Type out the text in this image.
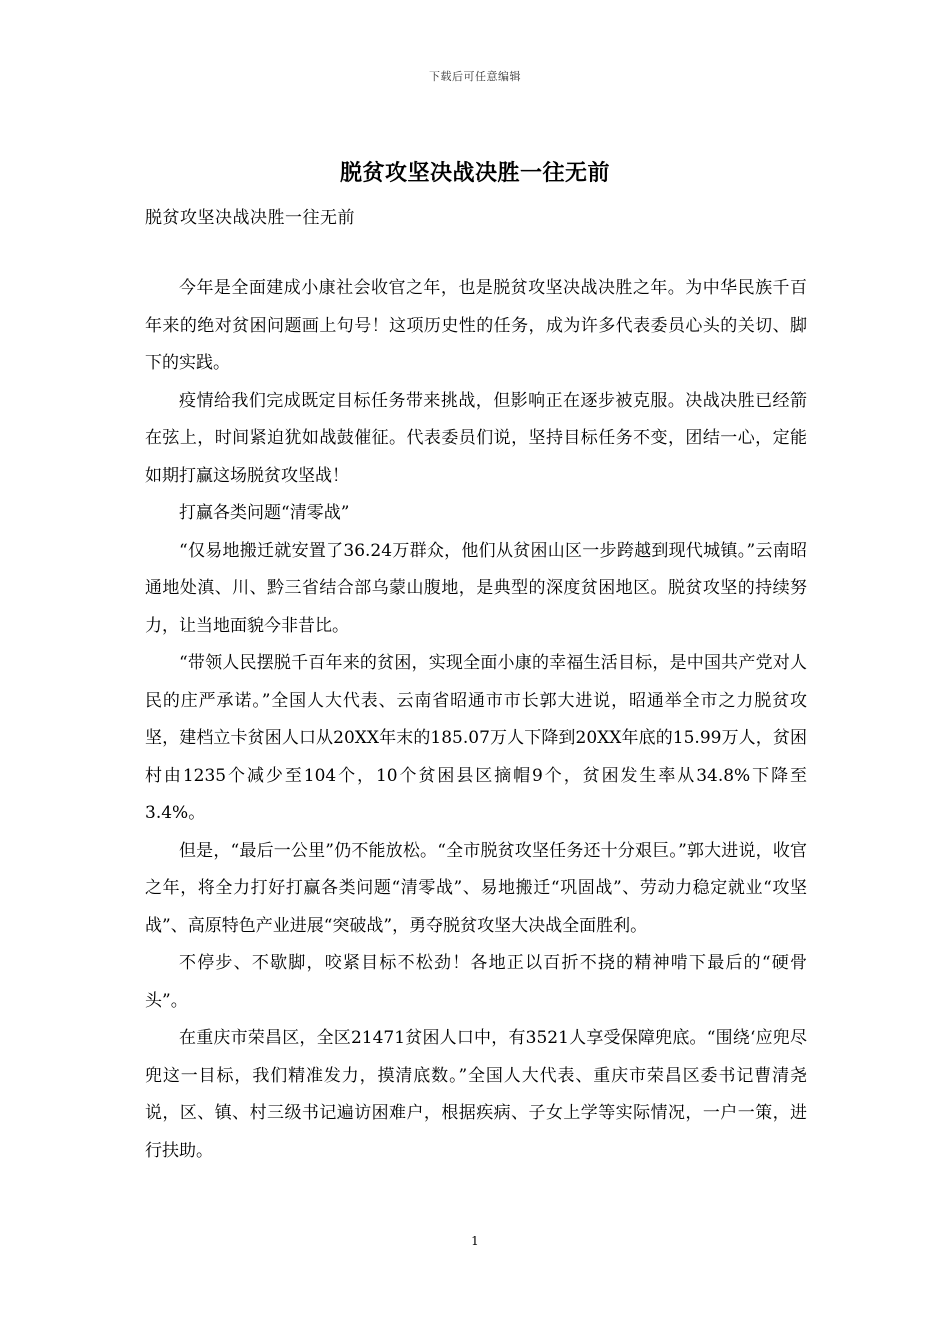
下载后可任意编辑
脱贫攻坚决战决胜一往无前
脱贫攻坚决战决胜一往无前

今年是全面建成小康社会收官之年，也是脱贫攻坚决战决胜之年。为中华民族千百年来的绝对贫困问题画上句号！这项历史性的任务，成为许多代表委员心头的关切、脚下的实践。

疫情给我们完成既定目标任务带来挑战，但影响正在逐步被克服。决战决胜已经箭在弦上，时间紧迫犹如战鼓催征。代表委员们说，坚持目标任务不变，团结一心，定能如期打赢这场脱贫攻坚战！

打赢各类问题“清零战”

“仅易地搬迁就安置了36.24万群众，他们从贫困山区一步跨越到现代城镇。”云南昭通地处滇、川、黔三省结合部乌蒙山腹地，是典型的深度贫困地区。脱贫攻坚的持续努力，让当地面貌今非昔比。

“带领人民摆脱千百年来的贫困，实现全面小康的幸福生活目标，是中国共产党对人民的庄严承诺。”全国人大代表、云南省昭通市市长郭大进说，昭通举全市之力脱贫攻坚，建档立卡贫困人口从20XX年末的185.07万人下降到20XX年底的15.99万人，贫困村由1235个减少至104个，10个贫困县区摘帽9个，贫困发生率从34.8%下降至3.4%。

但是，“最后一公里”仍不能放松。“全市脱贫攻坚任务还十分艰巨。”郭大进说，收官之年，将全力打好打赢各类问题“清零战”、易地搬迁“巩固战”、劳动力稳定就业“攻坚战”、高原特色产业进展“突破战”，勇夺脱贫攻坚大决战全面胜利。

不停步、不歇脚，咬紧目标不松劲！各地正以百折不挠的精神啃下最后的“硬骨头”。

在重庆市荣昌区，全区21471贫困人口中，有3521人享受保障兜底。“围绕‘应兜尽兜这一目标，我们精准发力，摸清底数。”全国人大代表、重庆市荣昌区委书记曹清尧说，区、镇、村三级书记遍访困难户，根据疾病、子女上学等实际情况，一户一策，进行扶助。

1
